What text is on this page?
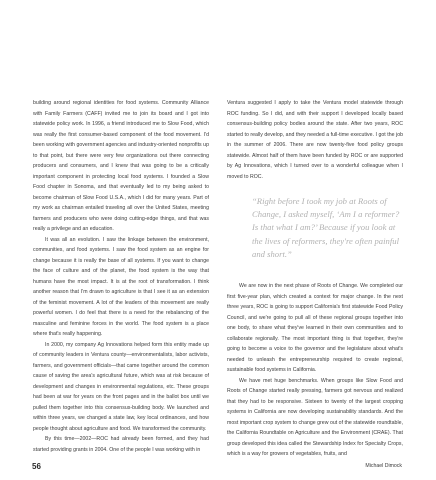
building around regional identities for food systems. Community Alliance with Family Farmers (CAFF) invited me to join its board and I got into statewide policy work. In 1996, a friend introduced me to Slow Food, which was really the first consumer-based component of the food movement. I'd been working with government agencies and industry-oriented nonprofits up to that point, but there were very few organizations out there connecting producers and consumers, and I knew that was going to be a critically important component in protecting local food systems. I founded a Slow Food chapter in Sonoma, and that eventually led to my being asked to become chairman of Slow Food U.S.A., which I did for many years. Part of my work as chairman entailed traveling all over the United States, meeting farmers and producers who were doing cutting-edge things, and that was really a privilege and an education.

It was all an evolution. I saw the linkage between the environment, communities, and food systems. I saw the food system as an engine for change because it is really the base of all systems. If you want to change the face of culture and of the planet, the food system is the way that humans have the most impact. It is at the root of transformation. I think another reason that I'm drawn to agriculture is that I see it as an extension of the feminist movement. A lot of the leaders of this movement are really powerful women. I do feel that there is a need for the rebalancing of the masculine and feminine forces in the world. The food system is a place where that's really happening.

In 2000, my company Ag Innovations helped form this entity made up of community leaders in Ventura county—environmentalists, labor activists, farmers, and government officials—that came together around the common cause of saving the area's agricultural future, which was at risk because of development and changes in environmental regulations, etc. These groups had been at war for years on the front pages and in the ballot box until we pulled them together into this consensus-building body. We launched and within three years, we changed a state law, key local ordinances, and how people thought about agriculture and food. We transformed the community.

By this time—2002—ROC had already been formed, and they had started providing grants in 2004. One of the people I was working with in

Ventura suggested I apply to take the Ventura model statewide through ROC funding. So I did, and with their support I developed locally based consensus-building policy bodies around the state. After two years, ROC started to really develop, and they needed a full-time executive. I got the job in the summer of 2006. There are now twenty-five food policy groups statewide. Almost half of them have been funded by ROC or are supported by Ag Innovations, which I turned over to a wonderful colleague when I moved to ROC.

“Right before I took my job at Roots of Change, I asked myself, ‘Am I a reformer? Is that what I am?’ Because if you look at the lives of reformers, they're often painful and short.”

We are now in the next phase of Roots of Change. We completed our first five-year plan, which created a context for major change. In the next three years, ROC is going to support California's first statewide Food Policy Council, and we're going to pull all of these regional groups together into one body, to share what they've learned in their own communities and to collaborate regionally. The most important thing is that together, they're going to become a voice to the governor and the legislature about what's needed to unleash the entrepreneurship required to create regional, sustainable food systems in California.

We have met huge benchmarks. When groups like Slow Food and Roots of Change started really pressing, farmers got nervous and realized that they had to be responsive. Sixteen to twenty of the largest cropping systems in California are now developing sustainability standards. And the most important crop system to change grew out of the statewide roundtable, the California Roundtable on Agriculture and the Environment (CRAE). That group developed this idea called the Stewardship Index for Specialty Crops, which is a way for growers of vegetables, fruits, and

56	Michael Dimock
